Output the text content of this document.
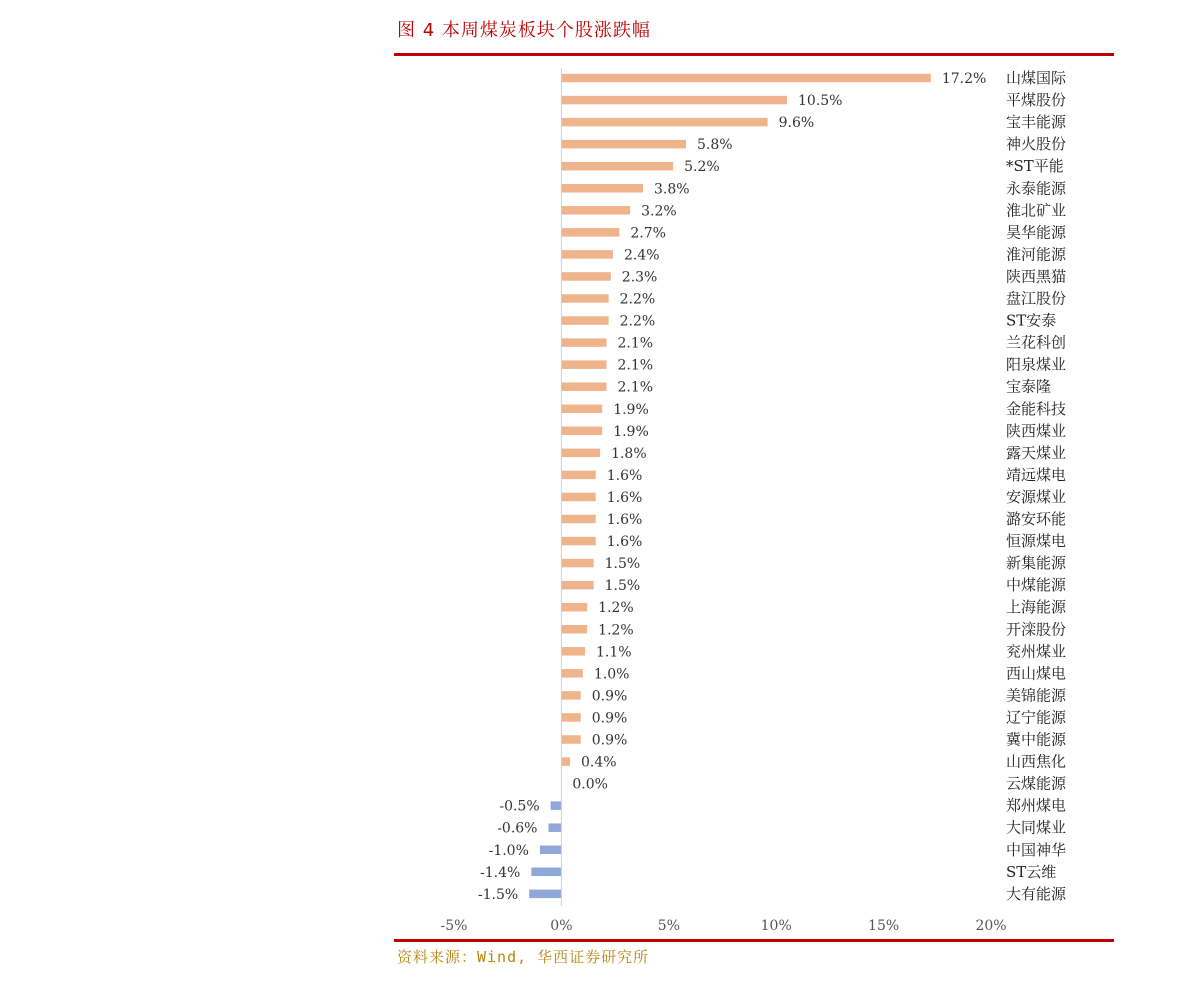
图 4 本周煤炭板块个股涨跌幅
17.2% 山煤国际
10.5%	平煤股份
9.6%	宝丰能源
5.8%	神火股份
5.2%	*ST平能
3.8%	永泰能源
3.2%	淮北矿业
2.7%	昊华能源
2.4%	淮河能源
2.3%	陕西黑猫
2.2%	盘江股份
2.2%	ST安泰
2.1%	兰花科创
2.1%	阳泉煤业
2.1%	宝泰隆
1.9%	金能科技
1.9%	陕西煤业
1.8%	露天煤业
1.6%	靖远煤电
1.6%	安源煤业
1.6%	潞安环能
1.6%	恒源煤电
1.5%	新集能源
1.5%	中煤能源
1.2%	上海能源
1.2%	开滦股份
1.1%	兖州煤业
1.0%	西山煤电
0.9%	美锦能源
0.9%	辽宁能源
0.9%	冀中能源
0.4%	山西焦化
0.0%	云煤能源
-0.5%	郑州煤电
-0.6%	大同煤业
-1.0%	中国神华
-1.4%	ST云维
-1.5%	大有能源
-5%	0%	5%	10%	15%	20%
资料来源：Wind, 华西证券研究所
